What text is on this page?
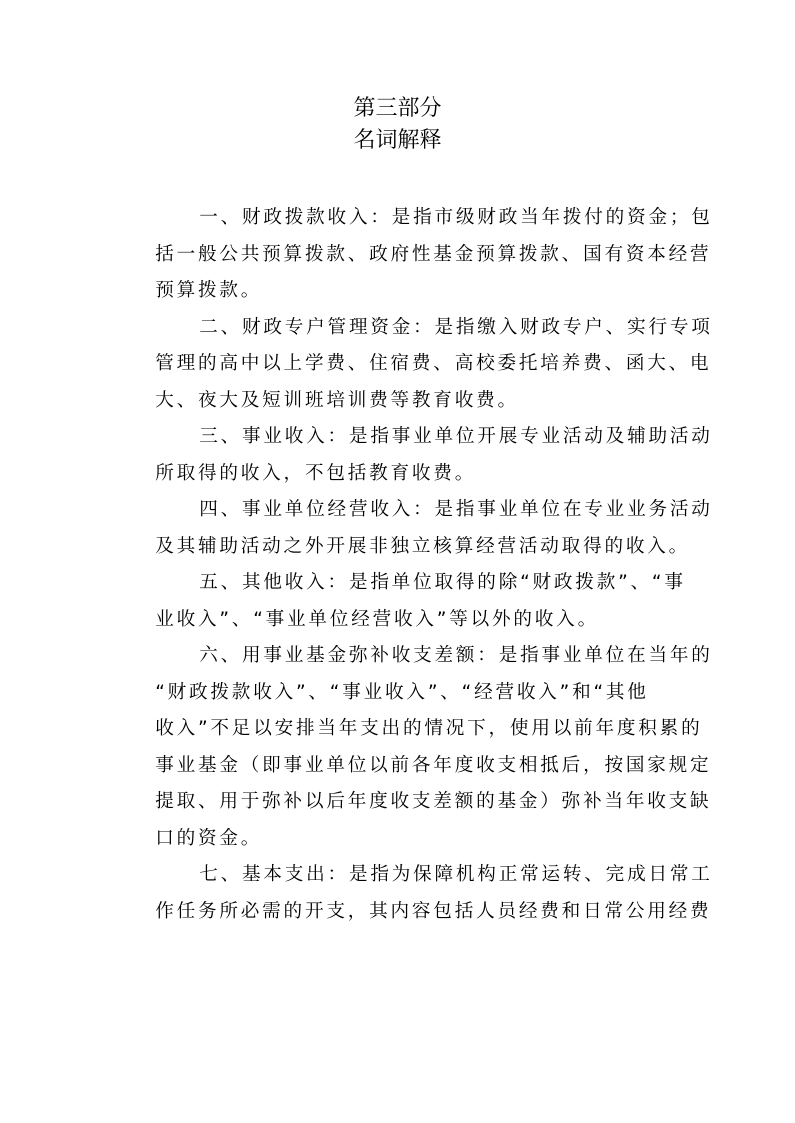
第三部分
名词解释
一、财政拨款收入：是指市级财政当年拨付的资金；包
括一般公共预算拨款、政府性基金预算拨款、国有资本经营
预算拨款。
二、财政专户管理资金：是指缴入财政专户、实行专项
管理的高中以上学费、住宿费、高校委托培养费、函大、电
大、夜大及短训班培训费等教育收费。
三、事业收入：是指事业单位开展专业活动及辅助活动
所取得的收入，不包括教育收费。
四、事业单位经营收入：是指事业单位在专业业务活动
及其辅助活动之外开展非独立核算经营活动取得的收入。
五、其他收入：是指单位取得的除“财政拨款”、“事
业收入”、“事业单位经营收入”等以外的收入。
六、用事业基金弥补收支差额：是指事业单位在当年的
“财政拨款收入”、“事业收入”、“经营收入”和“其他
收入”不足以安排当年支出的情况下，使用以前年度积累的
事业基金（即事业单位以前各年度收支相抵后，按国家规定
提取、用于弥补以后年度收支差额的基金）弥补当年收支缺
口的资金。
七、基本支出：是指为保障机构正常运转、完成日常工
作任务所必需的开支，其内容包括人员经费和日常公用经费
